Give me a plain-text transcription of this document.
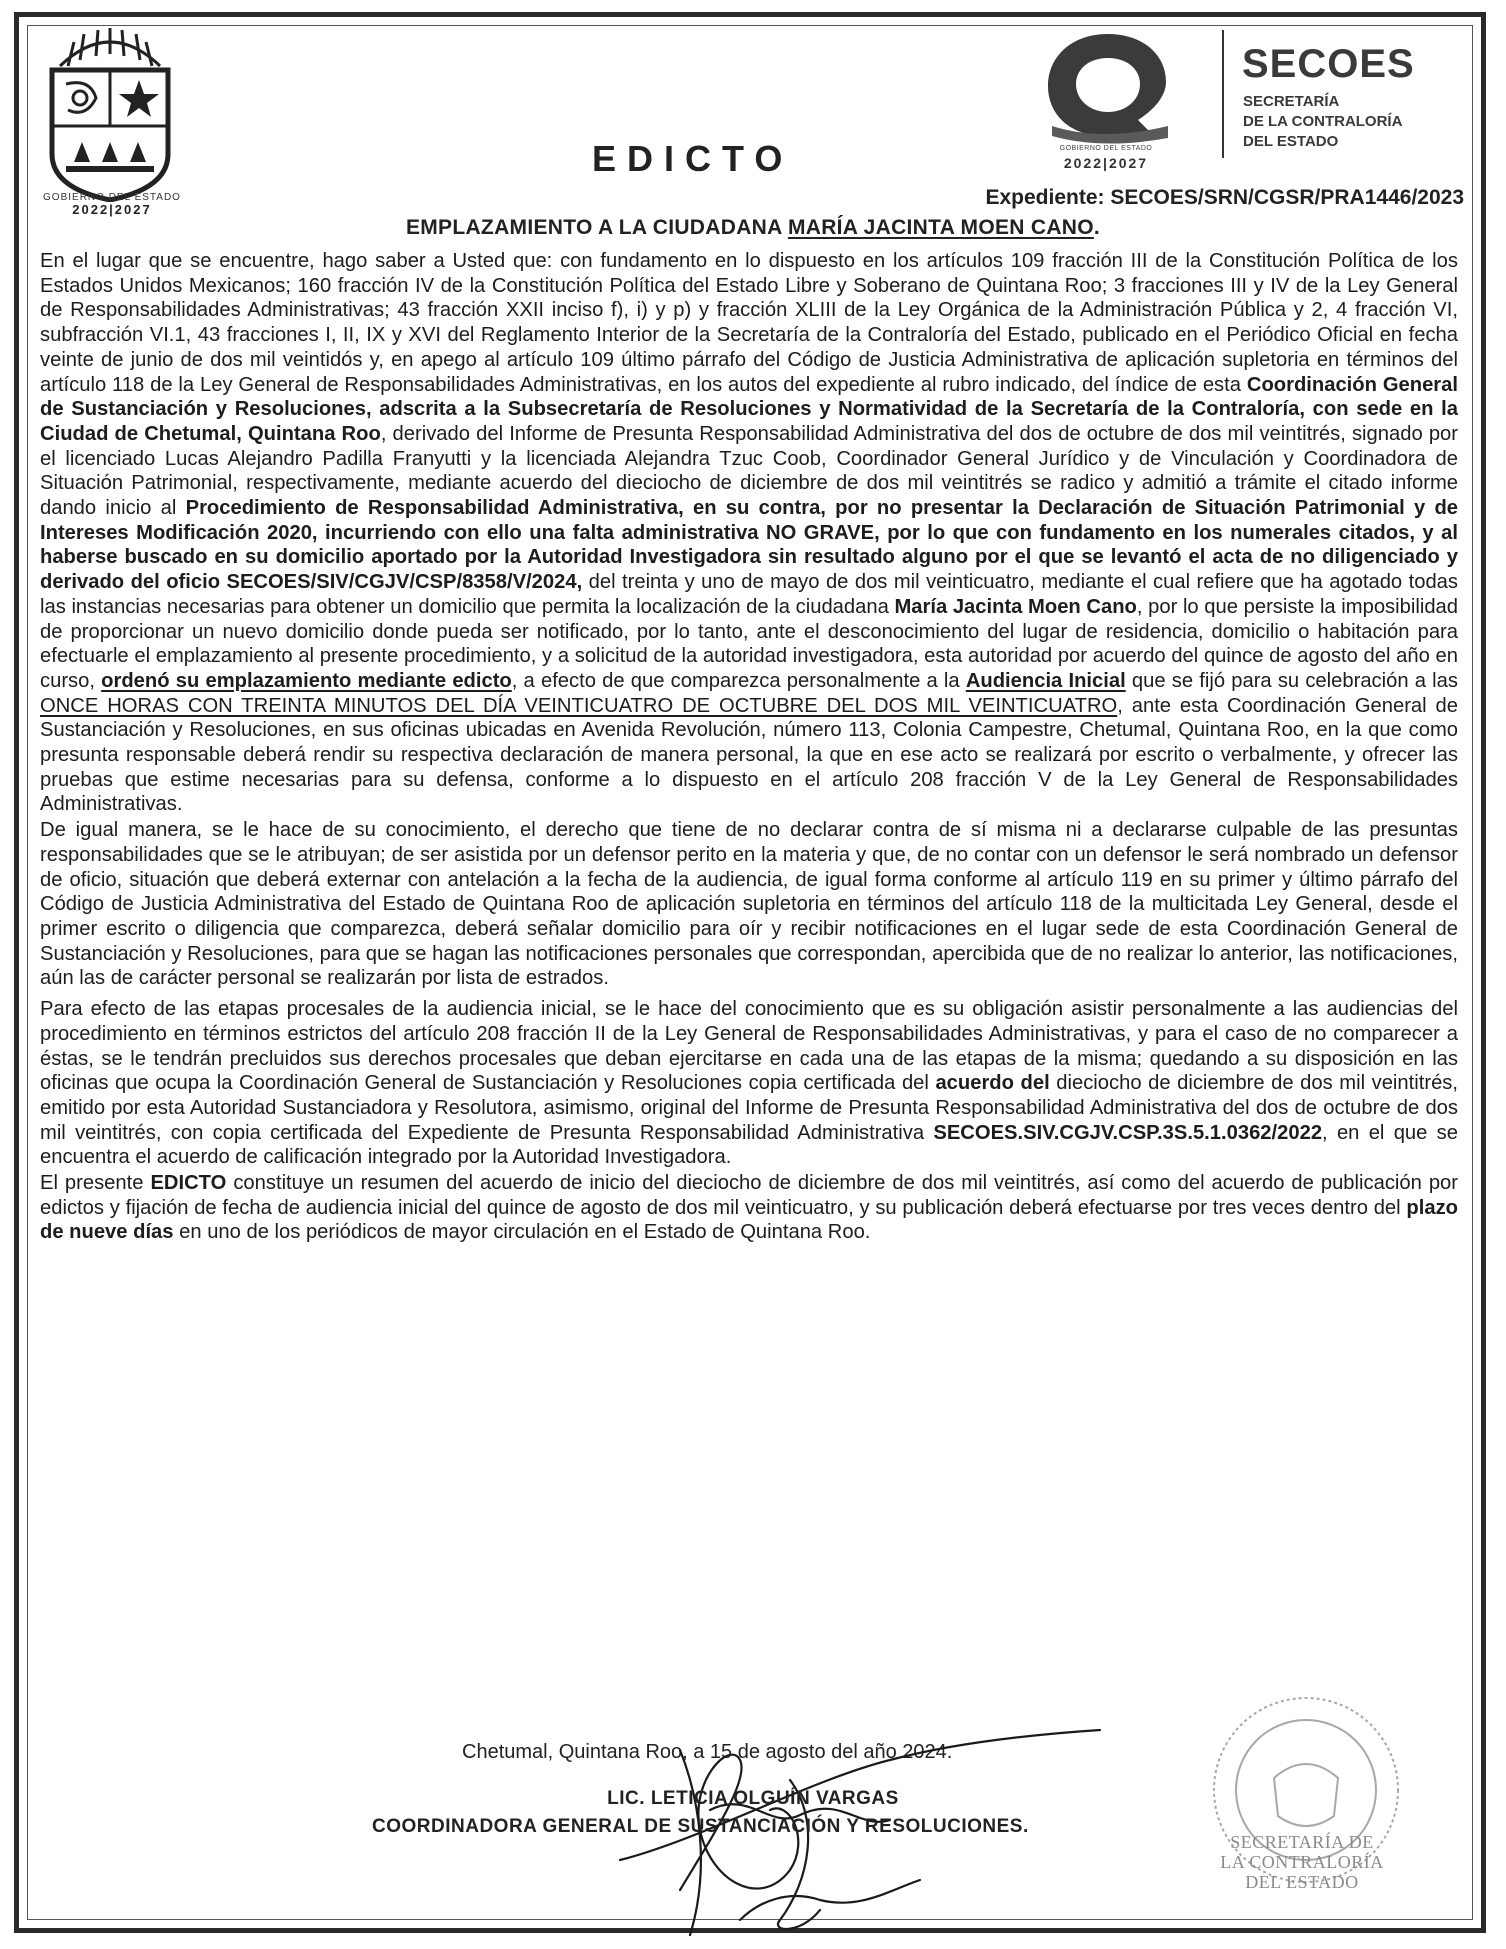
GOBIERNO DEL ESTADO
2022|2027
EDICTO	GOBIERNO DEL ESTADO
2022|2027
SECOES
SECRETARÍA
DE LA CONTRALORÍA
DEL ESTADO
Expediente: SECOES/SRN/CGSR/PRA1446/2023
EMPLAZAMIENTO A LA CIUDADANA MARÍA JACINTA MOEN CANO.

En el lugar que se encuentre, hago saber a Usted que: con fundamento en lo dispuesto en los artículos 109 fracción III de la Constitución Política de los Estados Unidos Mexicanos; 160 fracción IV de la Constitución Política del Estado Libre y Soberano de Quintana Roo; 3 fracciones III y IV de la Ley General de Responsabilidades Administrativas; 43 fracción XXII inciso f), i) y p) y fracción XLIII de la Ley Orgánica de la Administración Pública y 2, 4 fracción VI, subfracción VI.1, 43 fracciones I, II, IX y XVI del Reglamento Interior de la Secretaría de la Contraloría del Estado, publicado en el Periódico Oficial en fecha veinte de junio de dos mil veintidós y, en apego al artículo 109 último párrafo del Código de Justicia Administrativa de aplicación supletoria en términos del artículo 118 de la Ley General de Responsabilidades Administrativas, en los autos del expediente al rubro indicado, del índice de esta Coordinación General de Sustanciación y Resoluciones, adscrita a la Subsecretaría de Resoluciones y Normatividad de la Secretaría de la Contraloría, con sede en la Ciudad de Chetumal, Quintana Roo, derivado del Informe de Presunta Responsabilidad Administrativa del dos de octubre de dos mil veintitrés, signado por el licenciado Lucas Alejandro Padilla Franyutti y la licenciada Alejandra Tzuc Coob, Coordinador General Jurídico y de Vinculación y Coordinadora de Situación Patrimonial, respectivamente, mediante acuerdo del dieciocho de diciembre de dos mil veintitrés se radico y admitió a trámite el citado informe dando inicio al Procedimiento de Responsabilidad Administrativa, en su contra, por no presentar la Declaración de Situación Patrimonial y de Intereses Modificación 2020, incurriendo con ello una falta administrativa NO GRAVE, por lo que con fundamento en los numerales citados, y al haberse buscado en su domicilio aportado por la Autoridad Investigadora sin resultado alguno por el que se levantó el acta de no diligenciado y derivado del oficio SECOES/SIV/CGJV/CSP/8358/V/2024, del treinta y uno de mayo de dos mil veinticuatro, mediante el cual refiere que ha agotado todas las instancias necesarias para obtener un domicilio que permita la localización de la ciudadana María Jacinta Moen Cano, por lo que persiste la imposibilidad de proporcionar un nuevo domicilio donde pueda ser notificado, por lo tanto, ante el desconocimiento del lugar de residencia, domicilio o habitación para efectuarle el emplazamiento al presente procedimiento, y a solicitud de la autoridad investigadora, esta autoridad por acuerdo del quince de agosto del año en curso, ordenó su emplazamiento mediante edicto, a efecto de que comparezca personalmente a la Audiencia Inicial que se fijó para su celebración a las ONCE HORAS CON TREINTA MINUTOS DEL DÍA VEINTICUATRO DE OCTUBRE DEL DOS MIL VEINTICUATRO, ante esta Coordinación General de Sustanciación y Resoluciones, en sus oficinas ubicadas en Avenida Revolución, número 113, Colonia Campestre, Chetumal, Quintana Roo, en la que como presunta responsable deberá rendir su respectiva declaración de manera personal, la que en ese acto se realizará por escrito o verbalmente, y ofrecer las pruebas que estime necesarias para su defensa, conforme a lo dispuesto en el artículo 208 fracción V de la Ley General de Responsabilidades Administrativas.

De igual manera, se le hace de su conocimiento, el derecho que tiene de no declarar contra de sí misma ni a declararse culpable de las presuntas responsabilidades que se le atribuyan; de ser asistida por un defensor perito en la materia y que, de no contar con un defensor le será nombrado un defensor de oficio, situación que deberá externar con antelación a la fecha de la audiencia, de igual forma conforme al artículo 119 en su primer y último párrafo del Código de Justicia Administrativa del Estado de Quintana Roo de aplicación supletoria en términos del artículo 118 de la multicitada Ley General, desde el primer escrito o diligencia que comparezca, deberá señalar domicilio para oír y recibir notificaciones en el lugar sede de esta Coordinación General de Sustanciación y Resoluciones, para que se hagan las notificaciones personales que correspondan, apercibida que de no realizar lo anterior, las notificaciones, aún las de carácter personal se realizarán por lista de estrados.

Para efecto de las etapas procesales de la audiencia inicial, se le hace del conocimiento que es su obligación asistir personalmente a las audiencias del procedimiento en términos estrictos del artículo 208 fracción II de la Ley General de Responsabilidades Administrativas, y para el caso de no comparecer a éstas, se le tendrán precluidos sus derechos procesales que deban ejercitarse en cada una de las etapas de la misma; quedando a su disposición en las oficinas que ocupa la Coordinación General de Sustanciación y Resoluciones copia certificada del acuerdo del dieciocho de diciembre de dos mil veintitrés, emitido por esta Autoridad Sustanciadora y Resolutora, asimismo, original del Informe de Presunta Responsabilidad Administrativa del dos de octubre de dos mil veintitrés, con copia certificada del Expediente de Presunta Responsabilidad Administrativa SECOES.SIV.CGJV.CSP.3S.5.1.0362/2022, en el que se encuentra el acuerdo de calificación integrado por la Autoridad Investigadora.

El presente EDICTO constituye un resumen del acuerdo de inicio del dieciocho de diciembre de dos mil veintitrés, así como del acuerdo de publicación por edictos y fijación de fecha de audiencia inicial del quince de agosto de dos mil veinticuatro, y su publicación deberá efectuarse por tres veces dentro del plazo de nueve días en uno de los periódicos de mayor circulación en el Estado de Quintana Roo.

SECRETARÍA DE
LA CONTRALORÍA
DEL ESTADO
Chetumal, Quintana Roo, a 15 de agosto del año 2024.
LIC. LETICIA OLGUÍN VARGAS
COORDINADORA GENERAL DE SUSTANCIACIÓN Y RESOLUCIONES.
